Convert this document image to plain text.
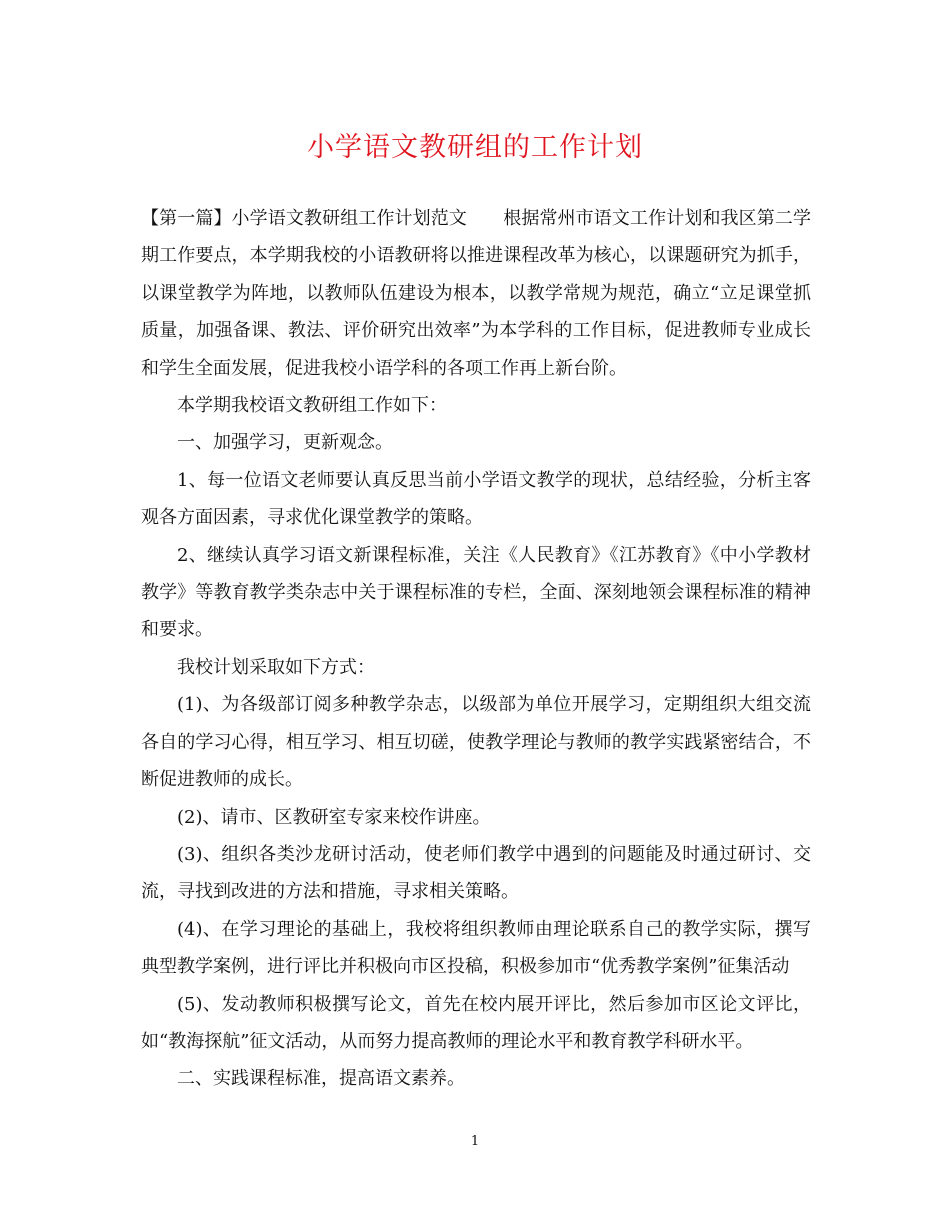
小学语文教研组的工作计划

【第一篇】小学语文教研组工作计划范文　　根据常州市语文工作计划和我区第二学期工作要点，本学期我校的小语教研将以推进课程改革为核心，以课题研究为抓手，以课堂教学为阵地，以教师队伍建设为根本，以教学常规为规范，确立“立足课堂抓质量，加强备课、教法、评价研究出效率”为本学科的工作目标，促进教师专业成长和学生全面发展，促进我校小语学科的各项工作再上新台阶。

本学期我校语文教研组工作如下：

一、加强学习，更新观念。

1、每一位语文老师要认真反思当前小学语文教学的现状，总结经验，分析主客观各方面因素，寻求优化课堂教学的策略。

2、继续认真学习语文新课程标准，关注《人民教育》《江苏教育》《中小学教材教学》等教育教学类杂志中关于课程标准的专栏，全面、深刻地领会课程标准的精神和要求。

我校计划采取如下方式：

(1)、为各级部订阅多种教学杂志，以级部为单位开展学习，定期组织大组交流各自的学习心得，相互学习、相互切磋，使教学理论与教师的教学实践紧密结合，不断促进教师的成长。

(2)、请市、区教研室专家来校作讲座。

(3)、组织各类沙龙研讨活动，使老师们教学中遇到的问题能及时通过研讨、交流，寻找到改进的方法和措施，寻求相关策略。

(4)、在学习理论的基础上，我校将组织教师由理论联系自己的教学实际，撰写典型教学案例，进行评比并积极向市区投稿，积极参加市“优秀教学案例”征集活动

(5)、发动教师积极撰写论文，首先在校内展开评比，然后参加市区论文评比，如“教海探航”征文活动，从而努力提高教师的理论水平和教育教学科研水平。

二、实践课程标准，提高语文素养。

1
